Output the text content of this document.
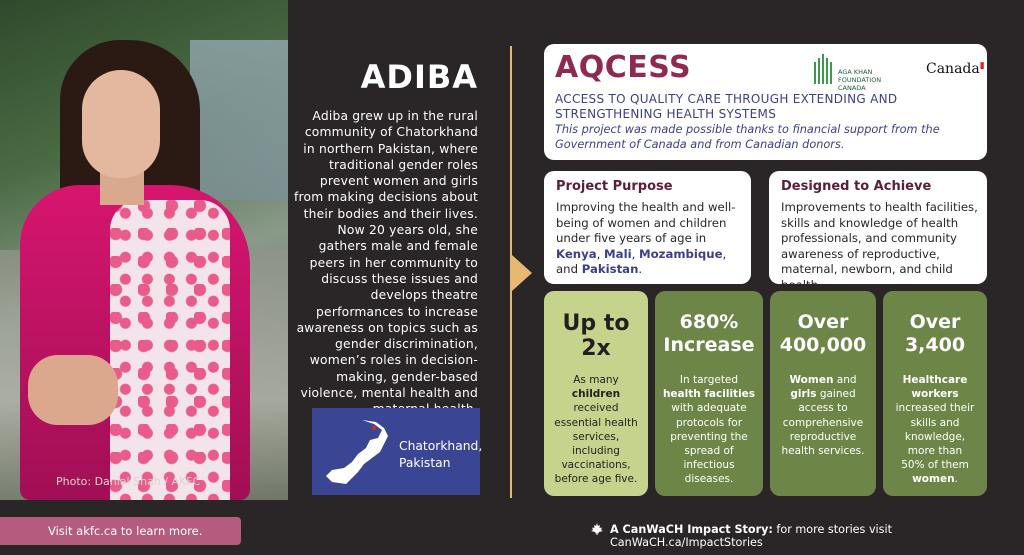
Photo: Danial Shah / AKFC
ADIBA
Adiba grew up in the rural community of Chatorkhand in northern Pakistan, where traditional gender roles prevent women and girls from making decisions about their bodies and their lives. Now 20 years old, she gathers male and female peers in her community to discuss these issues and develops theatre performances to increase awareness on topics such as gender discrimination, women’s roles in decision-making, gender-based violence, mental health and
Chatorkhand,
Pakistan
AQCESS	AGA KHAN FOUNDATION
CANADA
Canada▮
ACCESS TO QUALITY CARE THROUGH EXTENDING AND STRENGTHENING HEALTH SYSTEMS
This project was made possible thanks to financial support from the Government of Canada and from Canadian donors.
Project Purpose
Improving the health and well-being of women and children under five years of age in Kenya, Mali, Mozambique, and Pakistan.
Designed to Achieve
Improvements to health facilities, skills and knowledge of health professionals, and community awareness of reproductive, maternal, newborn, and child health.
Up to
2x
As many children received essential health services, including vaccinations, before age five.
680%
Increase
In targeted health facilities with adequate protocols for preventing the spread of infectious diseases.
Over
400,000
Women and girls gained access to comprehensive reproductive health services.
Over
3,400
Healthcare workers increased their skills and knowledge, more than 50% of them women.
Visit akfc.ca to learn more.	A CanWaCH Impact Story: for more stories visit CanWaCH.ca/ImpactStories
